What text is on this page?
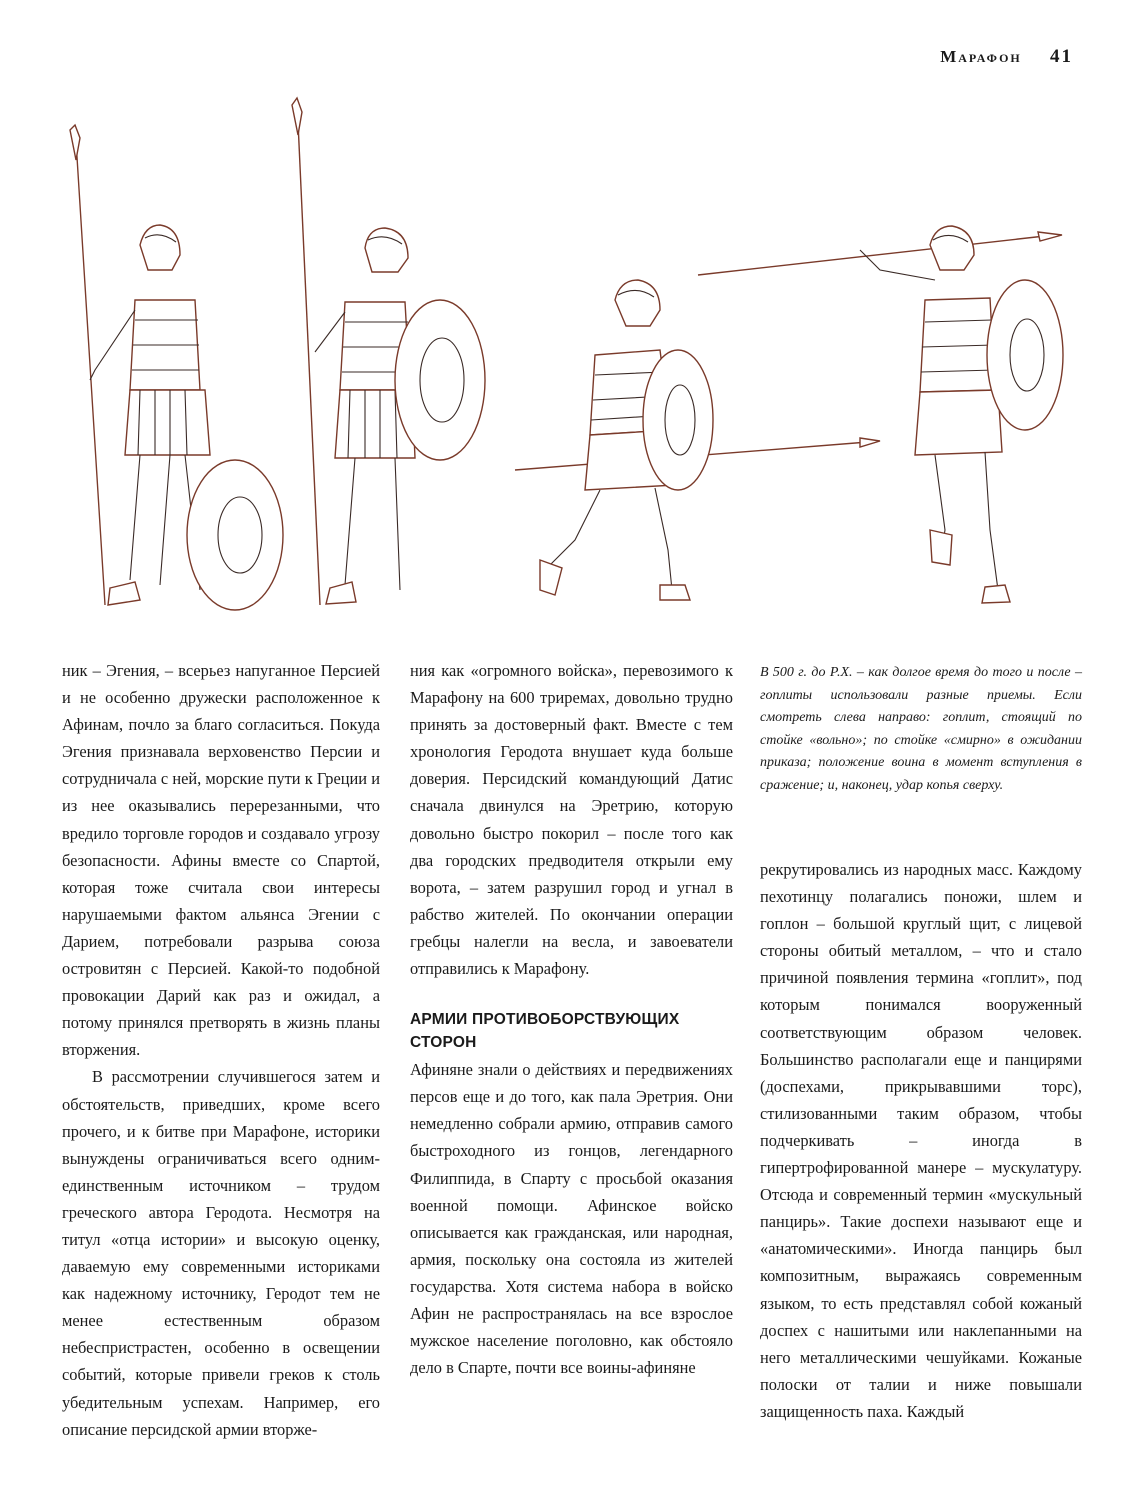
Марафон 41
В 500 г. до Р.Х. – как долгое время до того и после – гоплиты использовали разные приемы. Если смотреть слева направо: гоплит, стоящий по стойке «вольно»; по стойке «смирно» в ожидании приказа; положение воина в момент вступления в сражение; и, наконец, удар копья сверху.

ник – Эгения, – всерьез напуганное Персией и не особенно дружески расположенное к Афинам, почло за благо согласиться. Покуда Эгения признавала верховенство Персии и сотрудничала с ней, морские пути к Греции и из нее оказывались перерезанными, что вредило торговле городов и создавало угрозу безопасности. Афины вместе со Спартой, которая тоже считала свои интересы нарушаемыми фактом альянса Эгении с Дарием, потребовали разрыва союза островитян с Персией. Какой-то подобной провокации Дарий как раз и ожидал, а потому принялся претворять в жизнь планы вторжения.

В рассмотрении случившегося затем и обстоятельств, приведших, кроме всего прочего, и к битве при Марафоне, историки вынуждены ограничиваться всего одним-единственным источником – трудом греческого автора Геродота. Несмотря на титул «отца истории» и высокую оценку, даваемую ему современными историками как надежному источнику, Геродот тем не менее естественным образом небеспристрастен, особенно в освещении событий, которые привели греков к столь убедительным успехам. Например, его описание персидской армии вторже-

ния как «огромного войска», перевозимого к Марафону на 600 триремах, довольно трудно принять за достоверный факт. Вместе с тем хронология Геродота внушает куда больше доверия. Персидский командующий Датис сначала двинулся на Эретрию, которую довольно быстро покорил – после того как два городских предводителя открыли ему ворота, – затем разрушил город и угнал в рабство жителей. По окончании операции гребцы налегли на весла, и завоеватели отправились к Марафону.

АРМИИ ПРОТИВОБОРСТВУЮЩИХ СТОРОН

Афиняне знали о действиях и передвижениях персов еще и до того, как пала Эретрия. Они немедленно собрали армию, отправив самого быстроходного из гонцов, легендарного Филиппида, в Спарту с просьбой оказания военной помощи. Афинское войско описывается как гражданская, или народная, армия, поскольку она состояла из жителей государства. Хотя система набора в войско Афин не распространялась на все взрослое мужское население поголовно, как обстояло дело в Спарте, почти все воины-афиняне

рекрутировались из народных масс. Каждому пехотинцу полагались поножи, шлем и гоплон – большой круглый щит, с лицевой стороны обитый металлом, – что и стало причиной появления термина «гоплит», под которым понимался вооруженный соответствующим образом человек. Большинство располагали еще и панцирями (доспехами, прикрывавшими торс), стилизованными таким образом, чтобы подчеркивать – иногда в гипертрофированной манере – мускулатуру. Отсюда и современный термин «мускульный панцирь». Такие доспехи называют еще и «анатомическими». Иногда панцирь был композитным, выражаясь современным языком, то есть представлял собой кожаный доспех с нашитыми или наклепанными на него металлическими чешуйками. Кожаные полоски от талии и ниже повышали защищенность паха. Каждый
